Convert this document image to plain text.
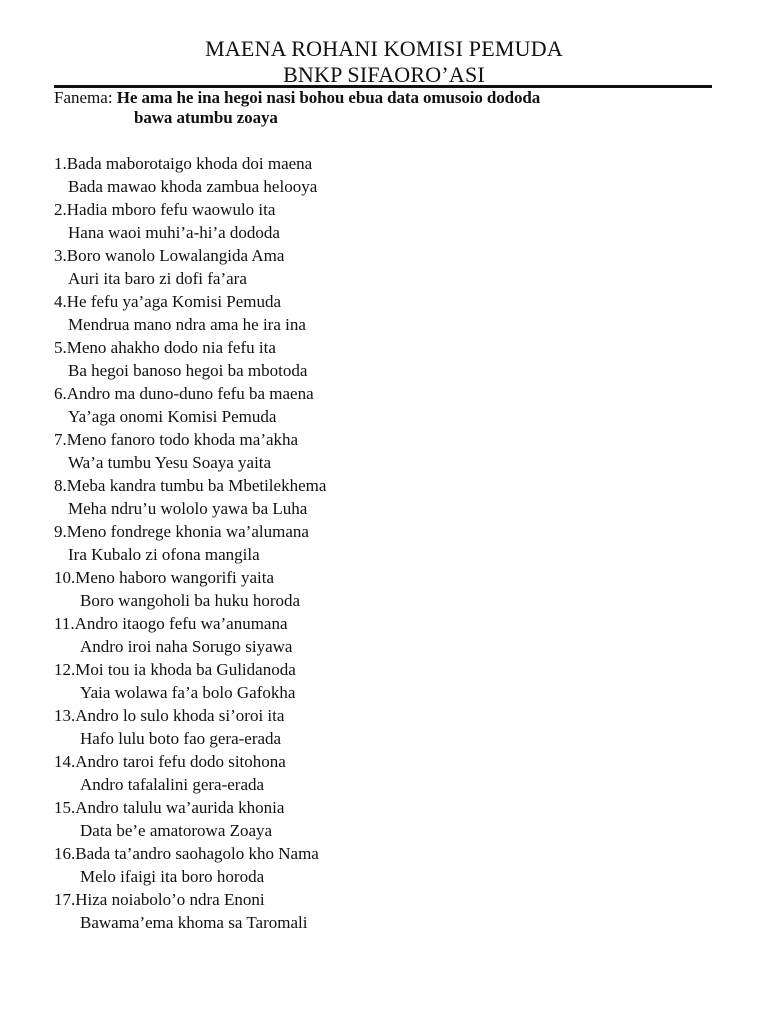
MAENA ROHANI KOMISI PEMUDA
BNKP SIFAORO’ASI
Fanema: He ama he ina hegoi nasi bohou ebua data omusoio dododa
bawa atumbu zoaya
1.Bada maborotaigo khoda doi maena
Bada mawao khoda zambua helooya
2.Hadia mboro fefu waowulo ita
Hana waoi muhi’a-hi’a dododa
3.Boro wanolo Lowalangida Ama
Auri ita baro zi dofi fa’ara
4.He fefu ya’aga Komisi Pemuda
Mendrua mano ndra ama he ira ina
5.Meno ahakho dodo nia fefu ita
Ba hegoi banoso hegoi ba mbotoda
6.Andro ma duno-duno fefu ba maena
Ya’aga onomi Komisi Pemuda
7.Meno fanoro todo khoda ma’akha
Wa’a tumbu Yesu Soaya yaita
8.Meba kandra tumbu ba Mbetilekhema
Meha ndru’u wololo yawa ba Luha
9.Meno fondrege khonia wa’alumana
Ira Kubalo zi ofona mangila
10.Meno haboro wangorifi yaita
Boro wangoholi ba huku horoda
11.Andro itaogo fefu wa’anumana
Andro iroi naha Sorugo siyawa
12.Moi tou ia khoda ba Gulidanoda
Yaia wolawa fa’a bolo Gafokha
13.Andro lo sulo khoda si’oroi ita
Hafo lulu boto fao gera-erada
14.Andro taroi fefu dodo sitohona
Andro tafalalini gera-erada
15.Andro talulu wa’aurida khonia
Data be’e amatorowa Zoaya
16.Bada ta’andro saohagolo kho Nama
Melo ifaigi ita boro horoda
17.Hiza noiabolo’o ndra Enoni
Bawama’ema khoma sa Taromali
